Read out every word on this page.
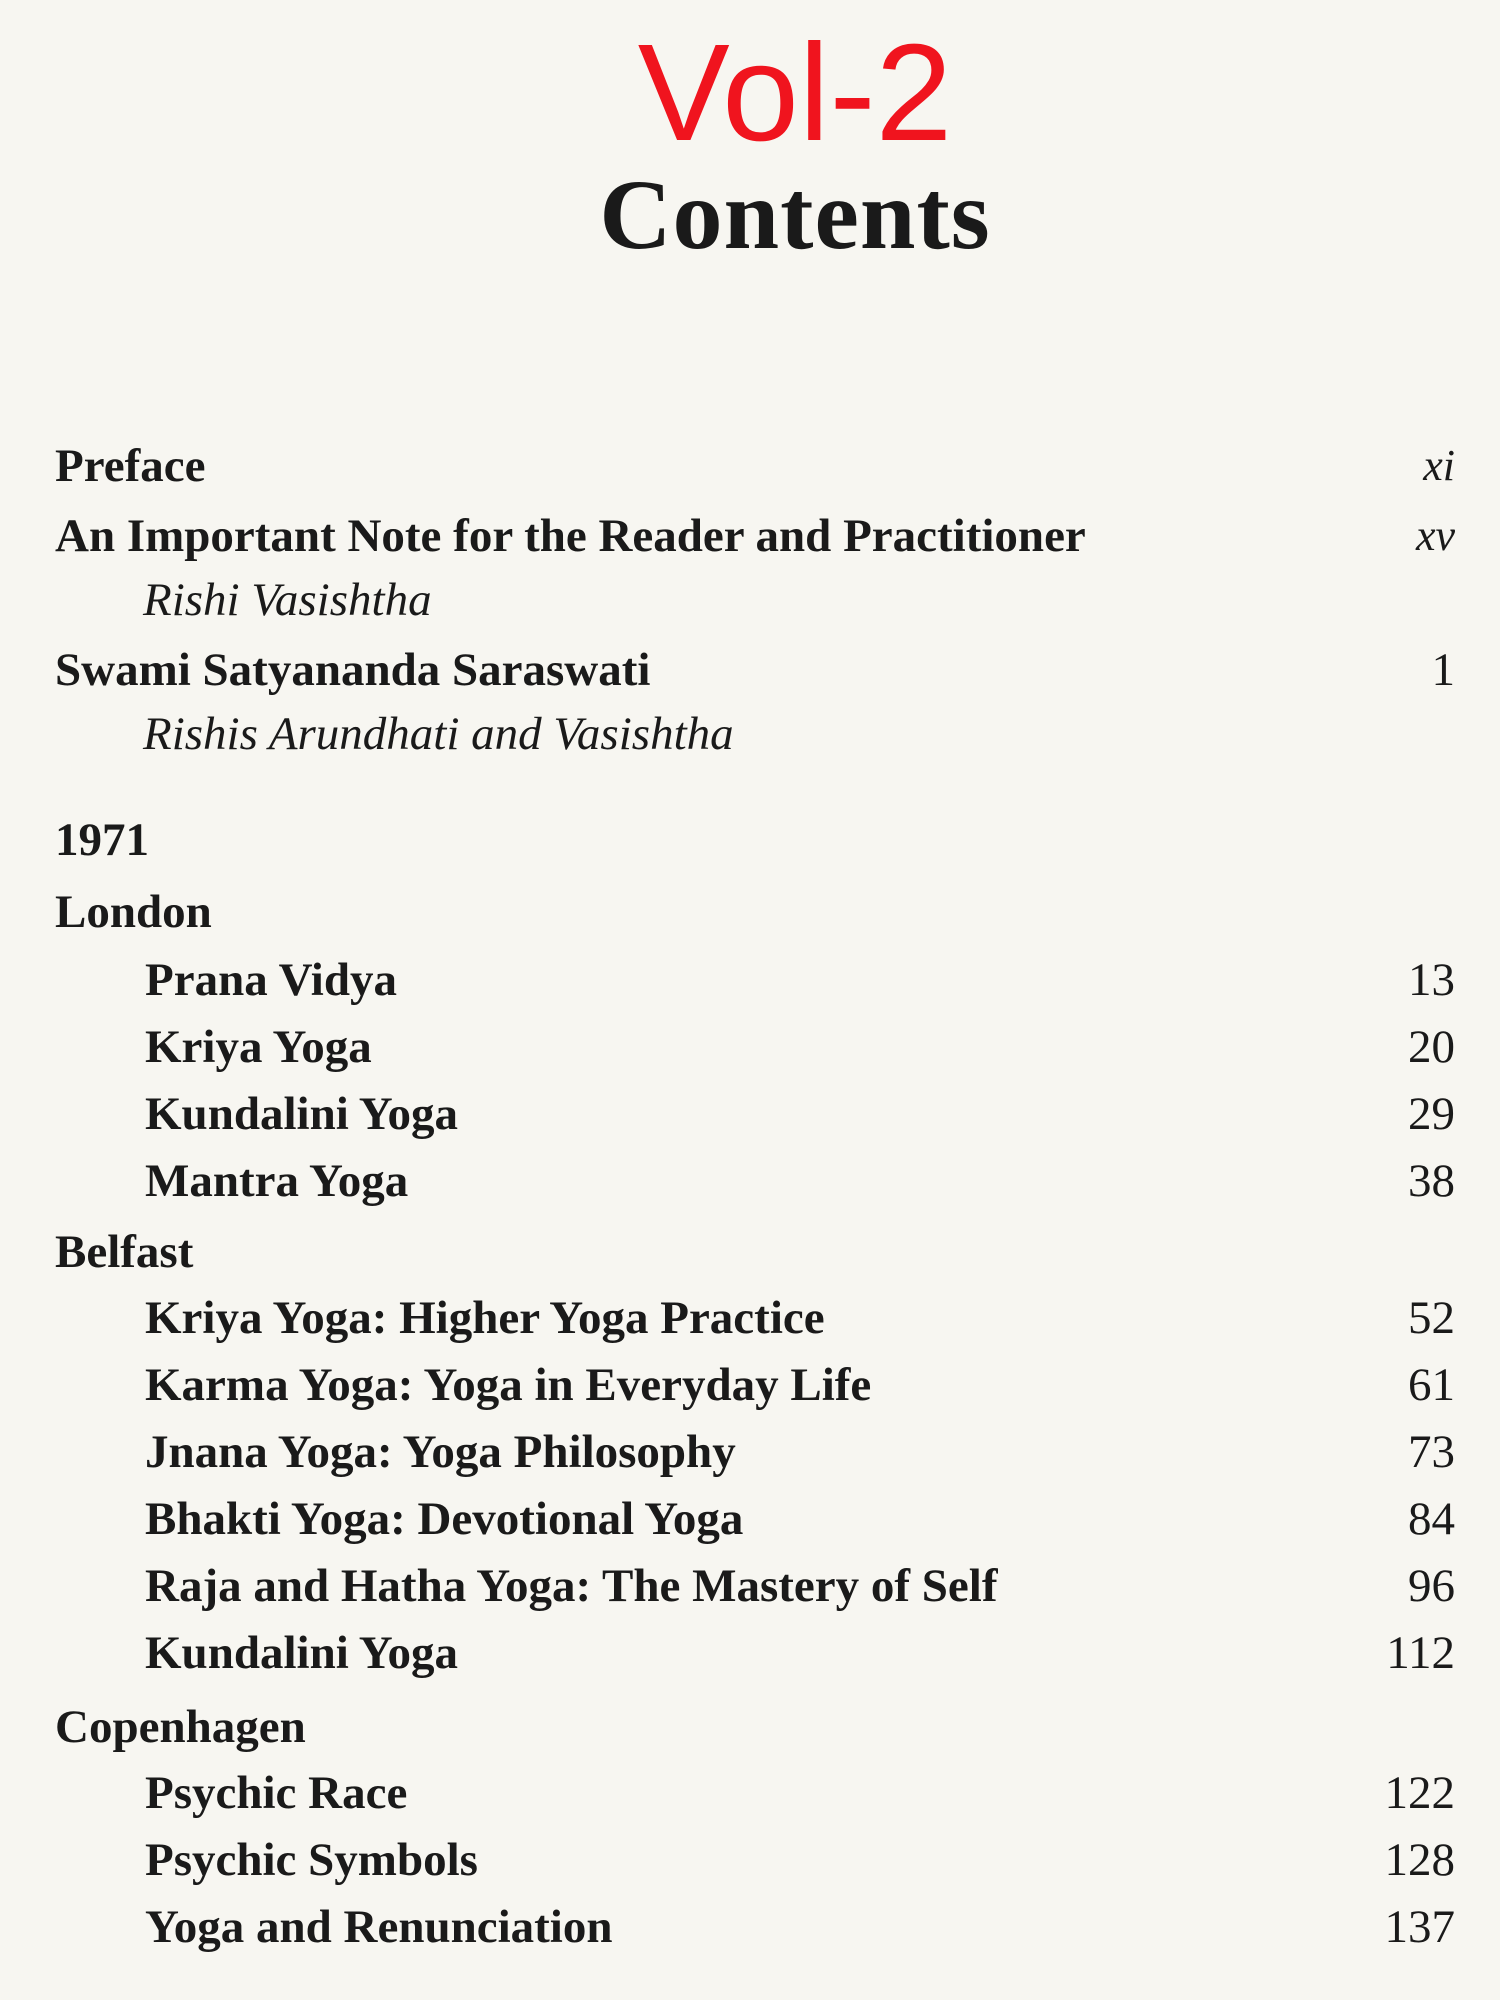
Vol-2
Contents
Preface	xi
An Important Note for the Reader and Practitioner	xv
Rishi Vasishtha
Swami Satyananda Saraswati	1
Rishis Arundhati and Vasishtha
1971
London
Prana Vidya	13
Kriya Yoga	20
Kundalini Yoga	29
Mantra Yoga	38
Belfast
Kriya Yoga: Higher Yoga Practice	52
Karma Yoga: Yoga in Everyday Life	61
Jnana Yoga: Yoga Philosophy	73
Bhakti Yoga: Devotional Yoga	84
Raja and Hatha Yoga: The Mastery of Self	96
Kundalini Yoga	112
Copenhagen
Psychic Race	122
Psychic Symbols	128
Yoga and Renunciation	137
